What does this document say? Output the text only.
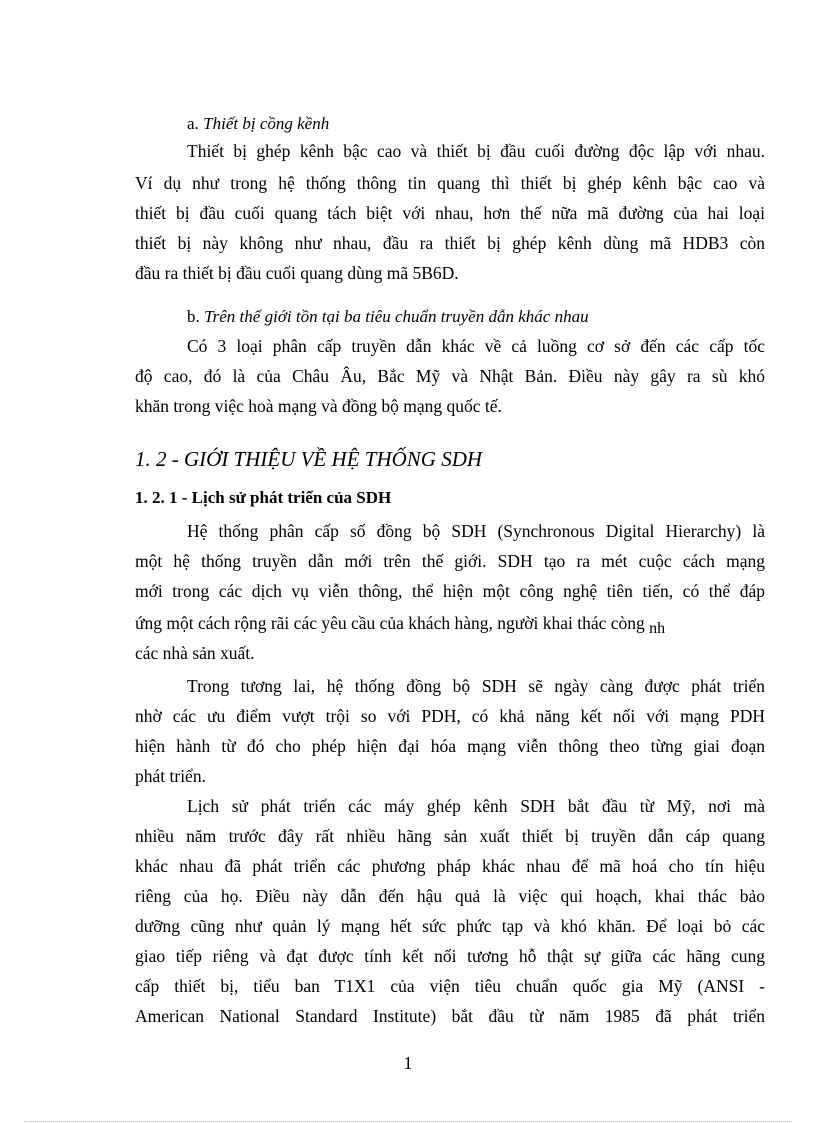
a. Thiết bị cồng kềnh
Thiết bị ghép kênh bậc cao và thiết bị đầu cuối đường độc lập với nhau.
Ví dụ như trong hệ thống thông tin quang thì thiết bị ghép kênh bậc cao và
thiết bị đầu cuối quang tách biệt với nhau, hơn thế nữa mã đường của hai loại
thiết bị này không như nhau, đầu ra thiết bị ghép kênh dùng mã HDB3 còn
đầu ra thiết bị đầu cuối quang dùng mã 5B6D.
b. Trên thế giới tồn tại ba tiêu chuẩn truyền dẫn khác nhau
Có 3 loại phân cấp truyền dẫn khác về cả luồng cơ sở đến các cấp tốc
độ cao, đó là của Châu Âu, Bắc Mỹ và Nhật Bản. Điều này gây ra sù khó
khăn trong việc hoà mạng và đồng bộ mạng quốc tế.
1. 2 - GIỚI THIỆU VỀ HỆ THỐNG SDH
1. 2. 1 - Lịch sử phát triển của SDH
Hệ thống phân cấp số đồng bộ SDH (Synchronous Digital Hierarchy) là
một hệ thống truyền dẫn mới trên thế giới. SDH tạo ra mét cuộc cách mạng
mới trong các dịch vụ viễn thông, thể hiện một công nghệ tiên tiến, có thể đáp
ứng một cách rộng rãi các yêu cầu của khách hàng, người khai thác còng nh
các nhà sản xuất.
Trong tương lai, hệ thống đồng bộ SDH sẽ ngày càng được phát triển
nhờ các ưu điểm vượt trội so với PDH, có khả năng kết nối với mạng PDH
hiện hành từ đó cho phép hiện đại hóa mạng viễn thông theo từng giai đoạn
phát triển.
Lịch sử phát triển các máy ghép kênh SDH bắt đầu từ Mỹ, nơi mà
nhiều năm trước đây rất nhiều hãng sản xuất thiết bị truyền dẫn cáp quang
khác nhau đã phát triển các phương pháp khác nhau để mã hoá cho tín hiệu
riêng của họ. Điều này dẫn đến hậu quả là việc qui hoạch, khai thác bảo
dưỡng cũng như quản lý mạng hết sức phức tạp và khó khăn. Để loại bỏ các
giao tiếp riêng và đạt được tính kết nối tương hỗ thật sự giữa các hãng cung
cấp thiết bị, tiểu ban T1X1 của viện tiêu chuẩn quốc gia Mỹ (ANSI -
American National Standard Institute) bắt đầu từ năm 1985 đã phát triển
1
